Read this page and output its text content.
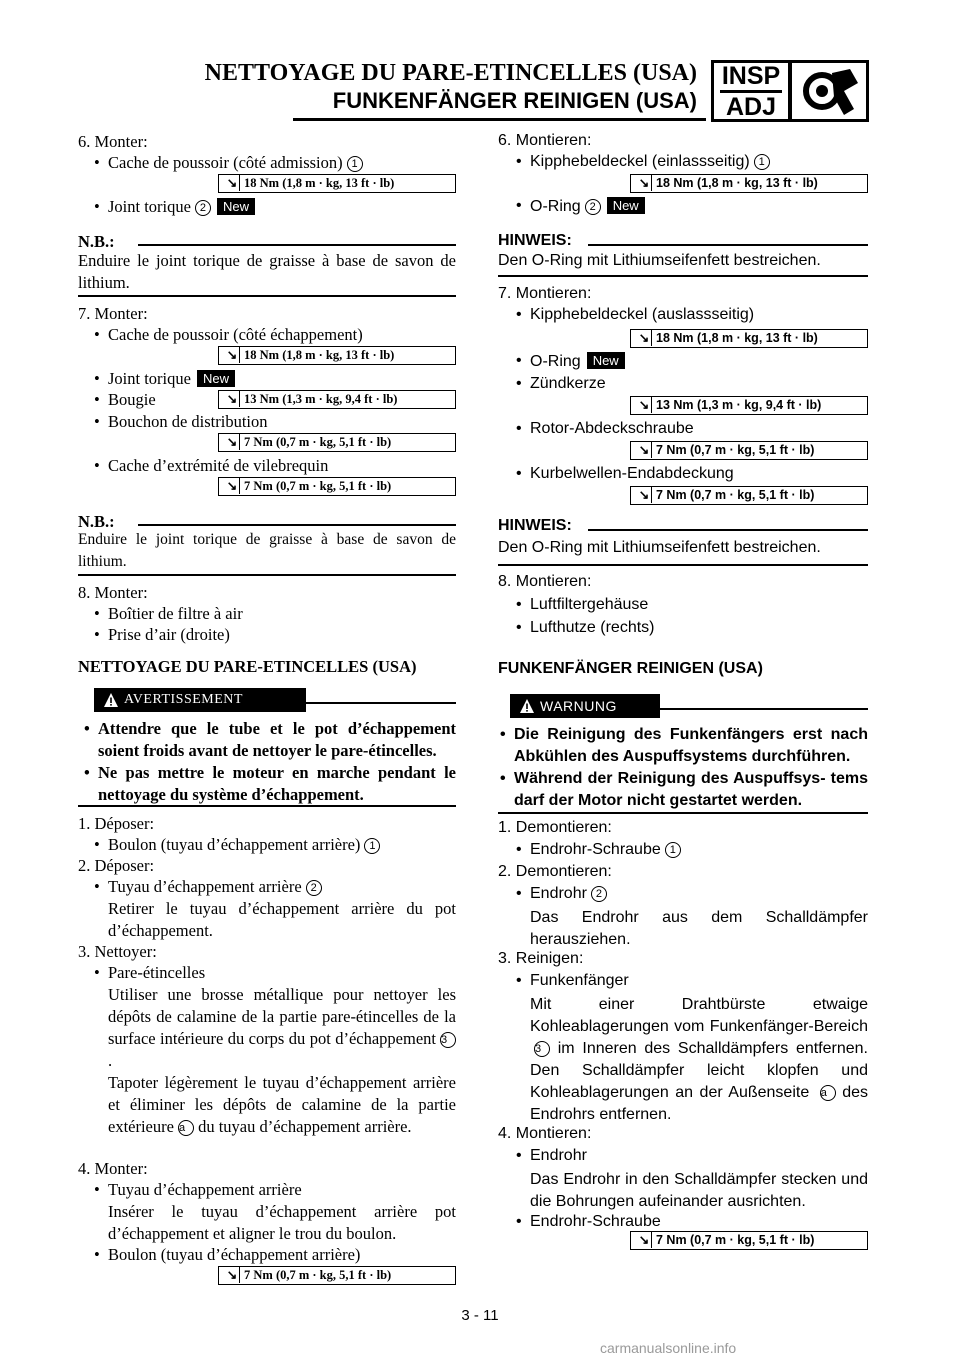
NETTOYAGE DU PARE-ETINCELLES (USA)
FUNKENFÄNGER REINIGEN (USA)
INSP
ADJ
6. Monter:
• Cache de poussoir (côté admission) 1
↘ 18 Nm (1,8 m · kg, 13 ft · lb)
• Joint torique 2 New
N.B.:
Enduire le joint torique de graisse à base de savon de lithium.
7. Monter:
• Cache de poussoir (côté échappement)
↘ 18 Nm (1,8 m · kg, 13 ft · lb)
• Joint torique New
• Bougie	↘ 13 Nm (1,3 m · kg, 9,4 ft · lb)
• Bouchon de distribution
↘ 7 Nm (0,7 m · kg, 5,1 ft · lb)
• Cache d’extrémité de vilebrequin
↘ 7 Nm (0,7 m · kg, 5,1 ft · lb)
N.B.:
Enduire le joint torique de graisse à base de savon de lithium.
8. Monter:
• Boîtier de filtre à air
• Prise d’air (droite)
NETTOYAGE DU PARE-ETINCELLES (USA)
AVERTISSEMENT
• Attendre que le tube et le pot d’échappement soient froids avant de nettoyer le pare-étincelles.
• Ne pas mettre le moteur en marche pendant le nettoyage du système d’échappement.
1. Déposer:
• Boulon (tuyau d’échappement arrière) 1
2. Déposer:
• Tuyau d’échappement arrière 2
Retirer le tuyau d’échappement arrière du pot d’échappement.
3. Nettoyer:
• Pare-étincelles
Utiliser une brosse métallique pour nettoyer les dépôts de calamine de la partie pare-étincelles de la surface intérieure du corps du pot d’échappement 3.
Tapoter légèrement le tuyau d’échappement arrière et éliminer les dépôts de calamine de la partie extérieure a du tuyau d’échappement arrière.
4. Monter:
• Tuyau d’échappement arrière
Insérer le tuyau d’échappement arrière pot d’échappement et aligner le trou du boulon.
• Boulon (tuyau d’échappement arrière)
↘ 7 Nm (0,7 m · kg, 5,1 ft · lb)
6. Montieren:
• Kipphebeldeckel (einlassseitig) 1
↘ 18 Nm (1,8 m · kg, 13 ft · lb)
• O-Ring 2 New
HINWEIS:
Den O-Ring mit Lithiumseifenfett bestreichen.
7. Montieren:
• Kipphebeldeckel (auslassseitig)
↘ 18 Nm (1,8 m · kg, 13 ft · lb)
• O-Ring New
• Zündkerze
↘ 13 Nm (1,3 m · kg, 9,4 ft · lb)
• Rotor-Abdeckschraube
↘ 7 Nm (0,7 m · kg, 5,1 ft · lb)
• Kurbelwellen-Endabdeckung
↘ 7 Nm (0,7 m · kg, 5,1 ft · lb)
HINWEIS:
Den O-Ring mit Lithiumseifenfett bestreichen.
8. Montieren:
• Luftfiltergehäuse
• Lufthutze (rechts)
FUNKENFÄNGER REINIGEN (USA)
WARNUNG
• Die Reinigung des Funkenfängers erst nach Abkühlen des Auspuffsystems durchführen.
• Während der Reinigung des Auspuffsys- tems darf der Motor nicht gestartet werden.
1. Demontieren:
• Endrohr-Schraube 1
2. Demontieren:
• Endrohr 2
Das Endrohr aus dem Schalldämpfer herausziehen.
3. Reinigen:
• Funkenfänger
Mit einer Drahtbürste etwaige Kohleablagerungen vom Funkenfänger-Bereich 3 im Inneren des Schalldämpfers entfernen. Den Schalldämpfer leicht klopfen und Kohleablagerungen an der Außenseite a des Endrohrs entfernen.
4. Montieren:
• Endrohr
Das Endrohr in den Schalldämpfer stecken und die Bohrungen aufeinander ausrichten.
• Endrohr-Schraube
↘ 7 Nm (0,7 m · kg, 5,1 ft · lb)
3 - 11
carmanualsonline.info
